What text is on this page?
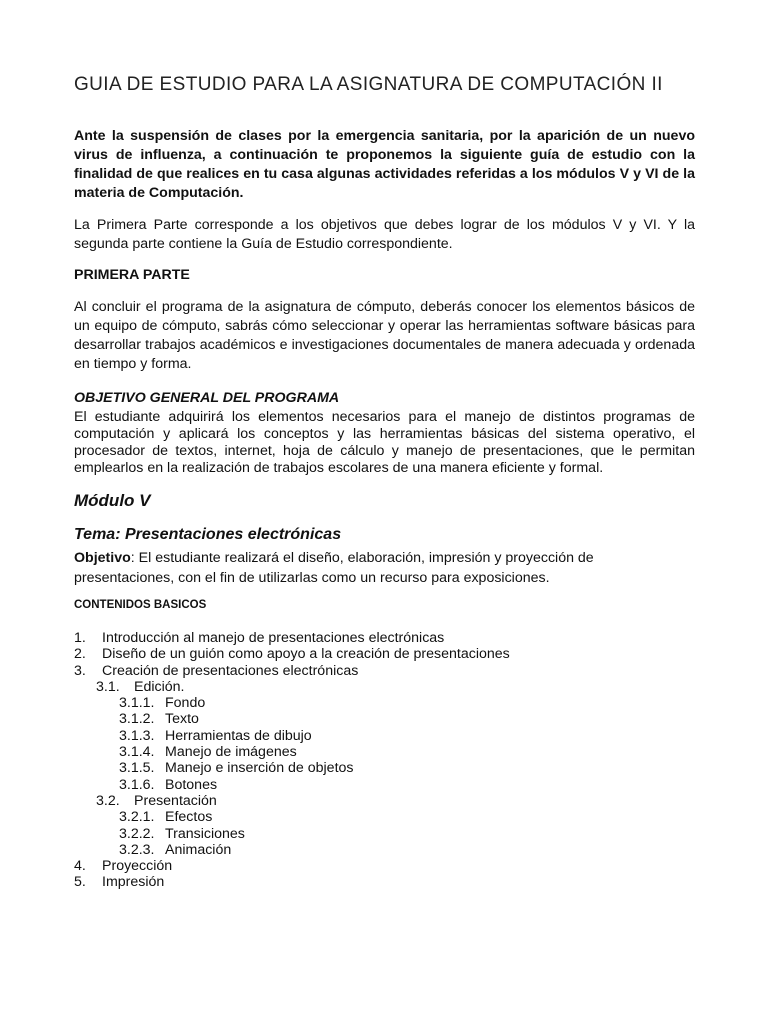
GUIA DE ESTUDIO PARA LA ASIGNATURA DE COMPUTACIÓN II

Ante la suspensión de clases por la emergencia sanitaria, por la aparición de un nuevo virus de influenza, a continuación te proponemos la siguiente guía de estudio con la finalidad de que realices en tu casa algunas actividades referidas a los módulos V y VI de la materia de Computación.

La Primera Parte corresponde a los objetivos que debes lograr de los módulos V y VI. Y la segunda parte contiene la Guía de Estudio correspondiente.

PRIMERA PARTE

Al concluir el programa de la asignatura de cómputo, deberás conocer los elementos básicos de un equipo de cómputo, sabrás cómo seleccionar y operar las herramientas software básicas para desarrollar trabajos académicos e investigaciones documentales de manera adecuada y ordenada en tiempo y forma.

OBJETIVO GENERAL DEL PROGRAMA

El estudiante adquirirá los elementos necesarios para el manejo de distintos programas de computación y aplicará los conceptos y las herramientas básicas del sistema operativo, el procesador de textos, internet, hoja de cálculo y manejo de presentaciones, que le permitan emplearlos en la realización de trabajos escolares de una manera eficiente y formal.

Módulo V
Tema: Presentaciones electrónicas

Objetivo: El estudiante realizará el diseño, elaboración, impresión y proyección de presentaciones, con el fin de utilizarlas como un recurso para exposiciones.

CONTENIDOS BASICOS
1. Introducción al manejo de presentaciones electrónicas
2. Diseño de un guión como apoyo a la creación de presentaciones
3. Creación de presentaciones electrónicas
3.1. Edición.
3.1.1. Fondo
3.1.2. Texto
3.1.3. Herramientas de dibujo
3.1.4. Manejo de imágenes
3.1.5. Manejo e inserción de objetos
3.1.6. Botones
3.2. Presentación
3.2.1. Efectos
3.2.2. Transiciones
3.2.3. Animación
4. Proyección
5. Impresión
